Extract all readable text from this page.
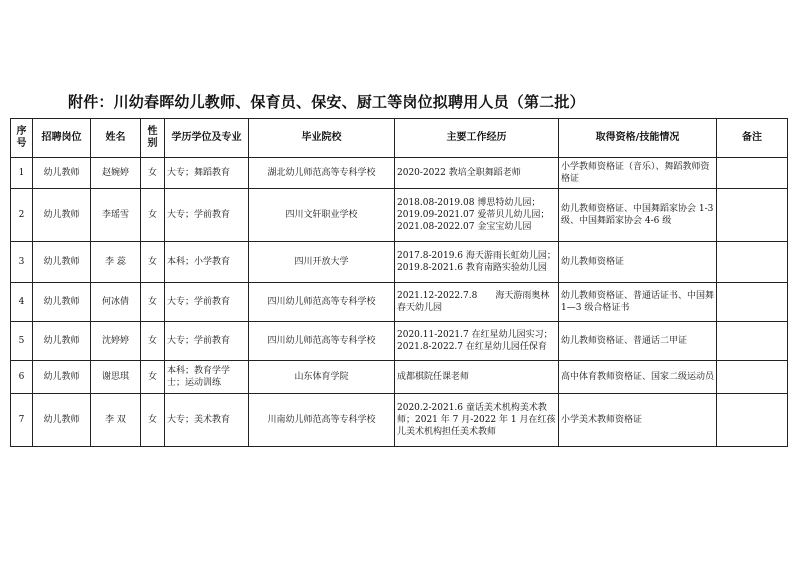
附件：川幼春晖幼儿教师、保育员、保安、厨工等岗位拟聘用人员（第二批）
序号	招聘岗位	姓名	性别	学历学位及专业	毕业院校	主要工作经历	取得资格/技能情况	备注
1	幼儿教师	赵婉婷	女	大专；舞蹈教育	湖北幼儿师范高等专科学校	2020-2022 教培全职舞蹈老师	小学教师资格证（音乐）、舞蹈教师资格证	
2	幼儿教师	李瑶雪	女	大专；学前教育	四川文轩职业学校	2018.08-2019.08 博思特幼儿园；2019.09-2021.07 爱蒂贝儿幼儿园；2021.08-2022.07 金宝宝幼儿园	幼儿教师资格证、中国舞蹈家协会 1-3 级、中国舞蹈家协会 4-6 级	
3	幼儿教师	李 蕊	女	本科；小学教育	四川开放大学	2017.8-2019.6 海天游雨长虹幼儿园；2019.8-2021.6 教育南路实验幼儿园	幼儿教师资格证	
4	幼儿教师	何冰倩	女	大专；学前教育	四川幼儿师范高等专科学校	2021.12-2022.7.8　　海天游雨奥林春天幼儿园	幼儿教师资格证、普通话证书、中国舞 1—3 级合格证书	
5	幼儿教师	沈婷婷	女	大专；学前教育	四川幼儿师范高等专科学校	2020.11-2021.7 在红星幼儿园实习；2021.8-2022.7 在红星幼儿园任保育	幼儿教师资格证、普通话二甲证	
6	幼儿教师	谢思琪	女	本科；教育学学士；运动训练	山东体育学院	成都棋院任课老师	高中体育教师资格证、国家二级运动员	
7	幼儿教师	李 双	女	大专；美术教育	川南幼儿师范高等专科学校	2020.2-2021.6 童话美术机构美术教师；2021 年 7 月-2022 年 1 月在红孩儿美术机构担任美术教师	小学美术教师资格证	
